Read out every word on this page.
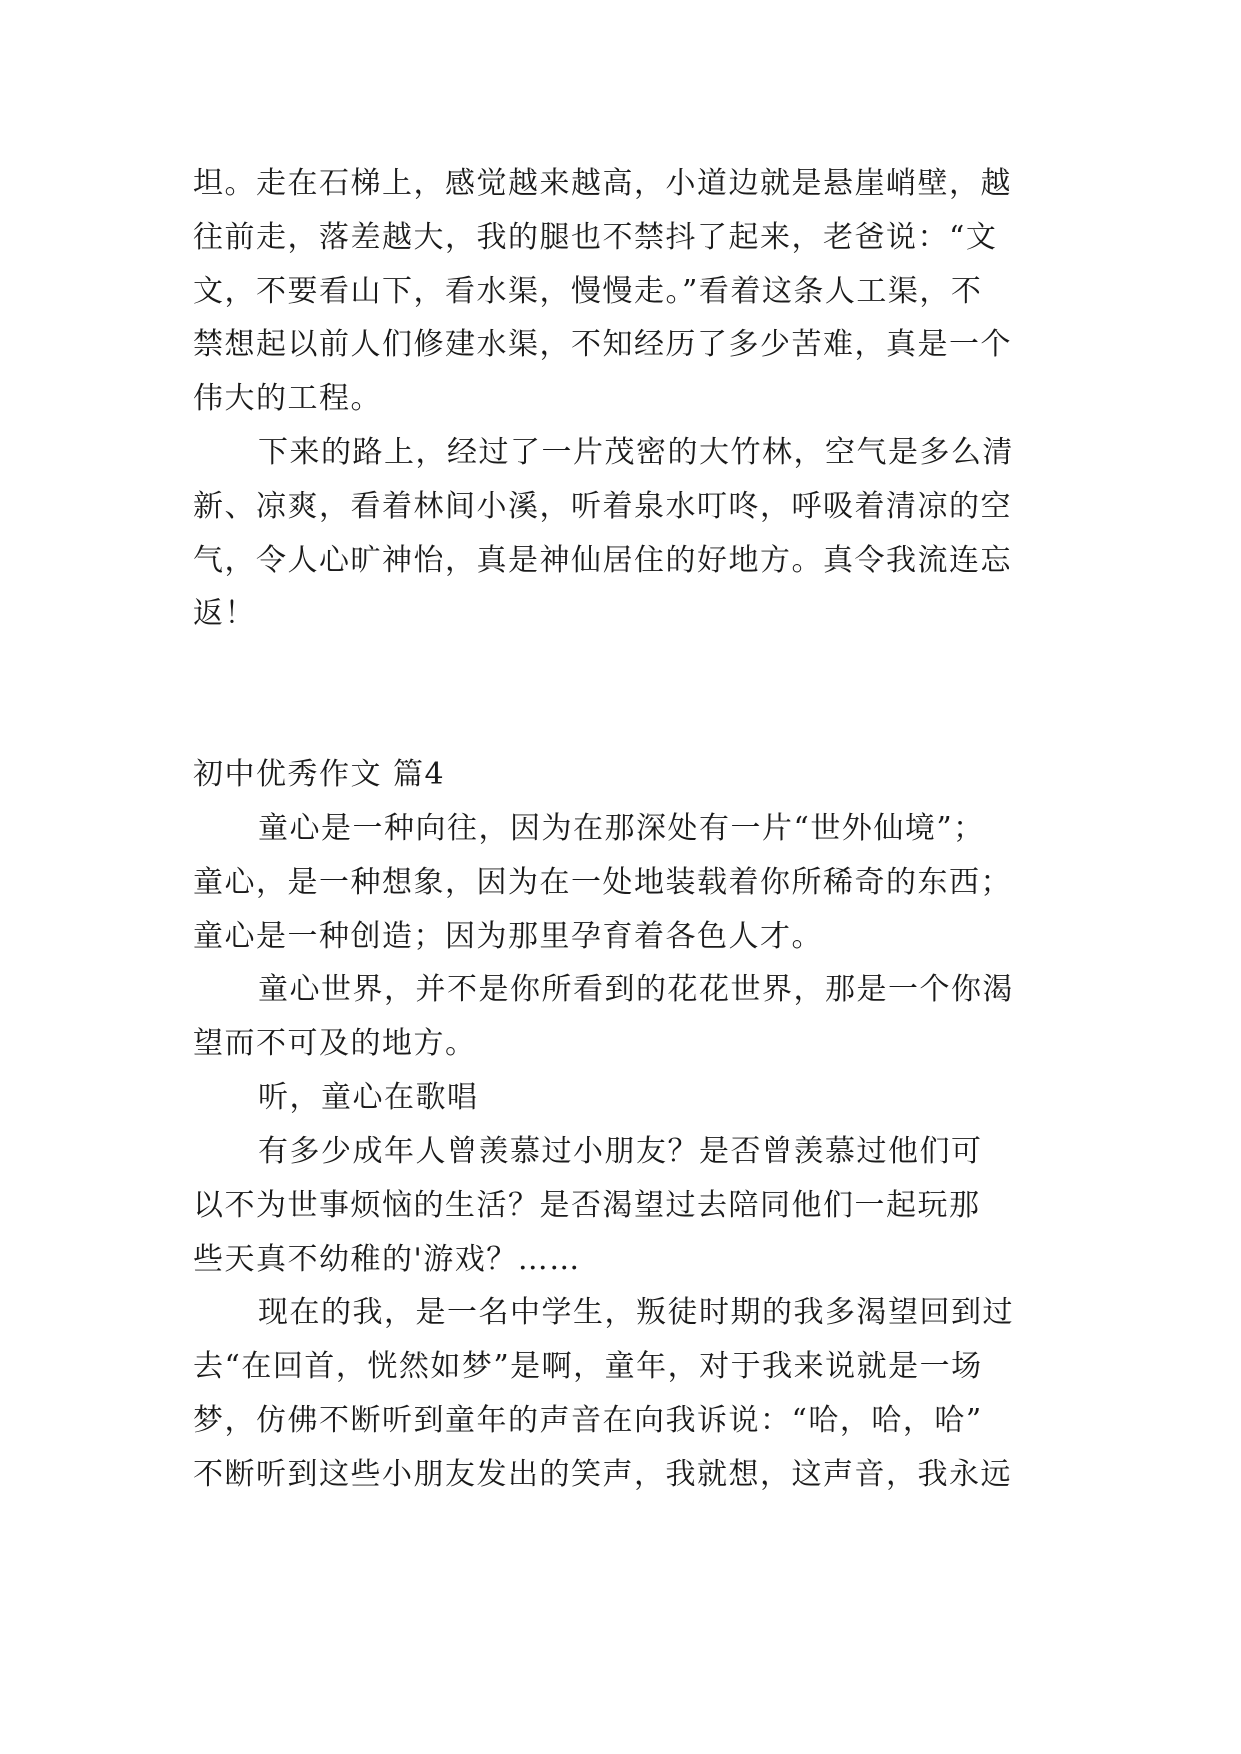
坦。走在石梯上，感觉越来越高，小道边就是悬崖峭壁，越
往前走，落差越大，我的腿也不禁抖了起来，老爸说：“文
文，不要看山下，看水渠，慢慢走。”看着这条人工渠，不
禁想起以前人们修建水渠，不知经历了多少苦难，真是一个
伟大的工程。
下来的路上，经过了一片茂密的大竹林，空气是多么清
新、凉爽，看着林间小溪，听着泉水叮咚，呼吸着清凉的空
气，令人心旷神怡，真是神仙居住的好地方。真令我流连忘
返！
初中优秀作文 篇4
童心是一种向往，因为在那深处有一片“世外仙境”；
童心，是一种想象，因为在一处地装载着你所稀奇的东西；
童心是一种创造；因为那里孕育着各色人才。
童心世界，并不是你所看到的花花世界，那是一个你渴
望而不可及的地方。
听，童心在歌唱
有多少成年人曾羡慕过小朋友？是否曾羡慕过他们可
以不为世事烦恼的生活？是否渴望过去陪同他们一起玩那
些天真不幼稚的'游戏？……
现在的我，是一名中学生，叛徒时期的我多渴望回到过
去“在回首，恍然如梦”是啊，童年，对于我来说就是一场
梦，仿佛不断听到童年的声音在向我诉说：“哈，哈，哈”
不断听到这些小朋友发出的笑声，我就想，这声音，我永远
